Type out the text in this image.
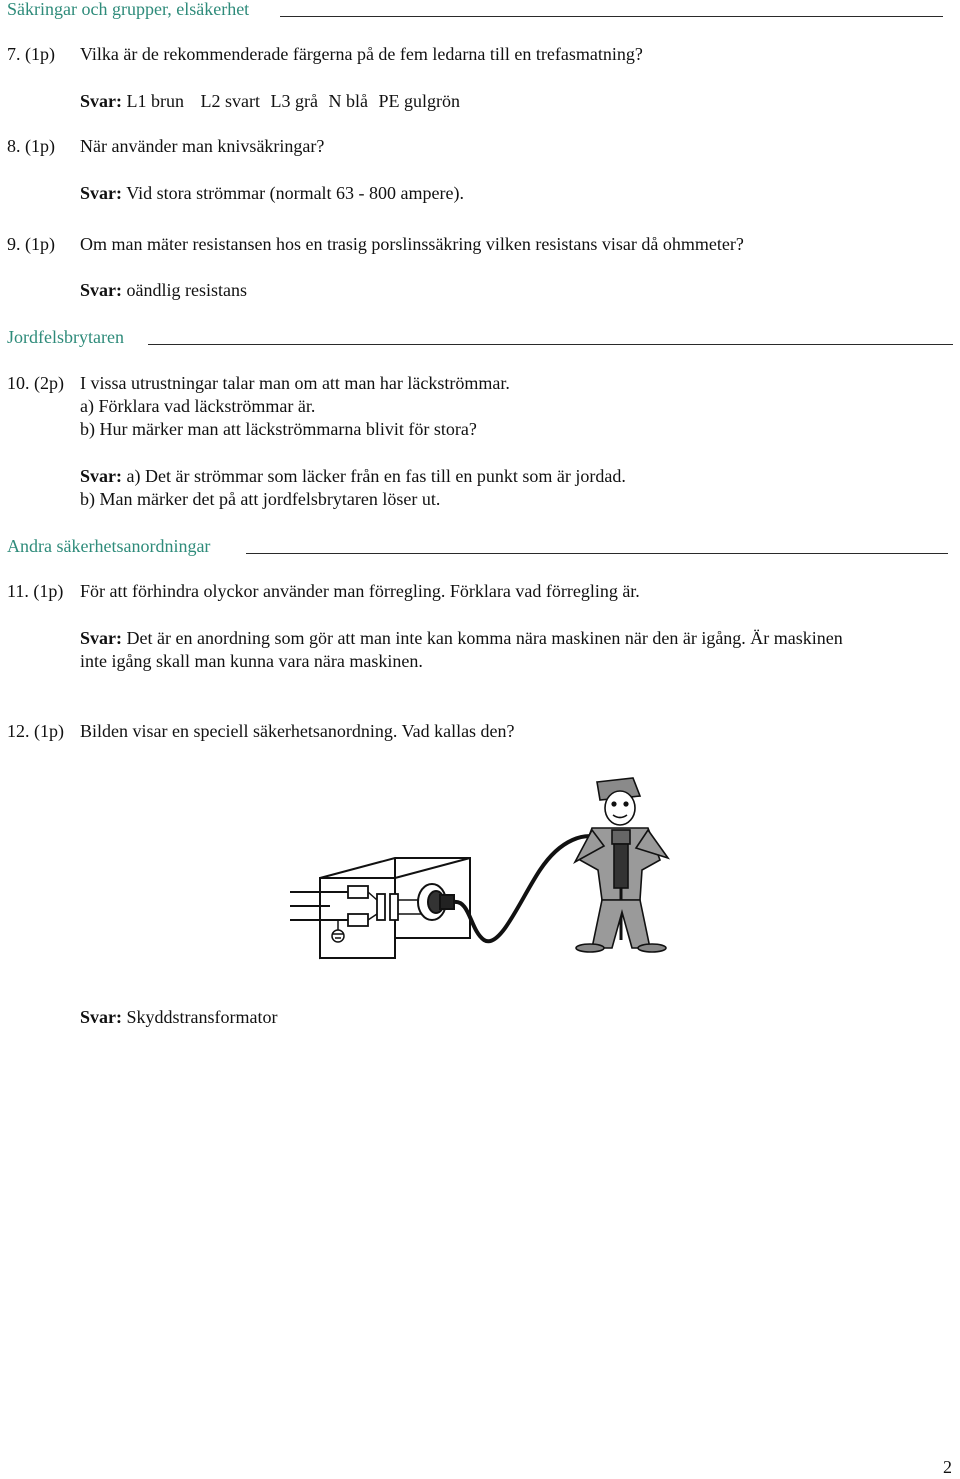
Säkringar och grupper, elsäkerhet
7. (1p) Vilka är de rekommenderade färgerna på de fem ledarna till en trefasmatning?
Svar: L1 brun L2 svart L3 grå N blå PE gulgrön
8. (1p) När använder man knivsäkringar?
Svar: Vid stora strömmar (normalt 63 - 800 ampere).
9. (1p) Om man mäter resistansen hos en trasig porslinssäkring vilken resistans visar då ohmmeter?
Svar: oändlig resistans
Jordfelsbrytaren
10. (2p) I vissa utrustningar talar man om att man har läckströmmar.
a) Förklara vad läckströmmar är.
b) Hur märker man att läckströmmarna blivit för stora?
Svar: a) Det är strömmar som läcker från en fas till en punkt som är jordad.
b) Man märker det på att jordfelsbrytaren löser ut.
Andra säkerhetsanordningar
11. (1p) För att förhindra olyckor använder man förregling. Förklara vad förregling är.
Svar: Det är en anordning som gör att man inte kan komma nära maskinen när den är igång. Är maskinen
inte igång skall man kunna vara nära maskinen.
12. (1p) Bilden visar en speciell säkerhetsanordning. Vad kallas den?
Svar: Skyddstransformator
2
